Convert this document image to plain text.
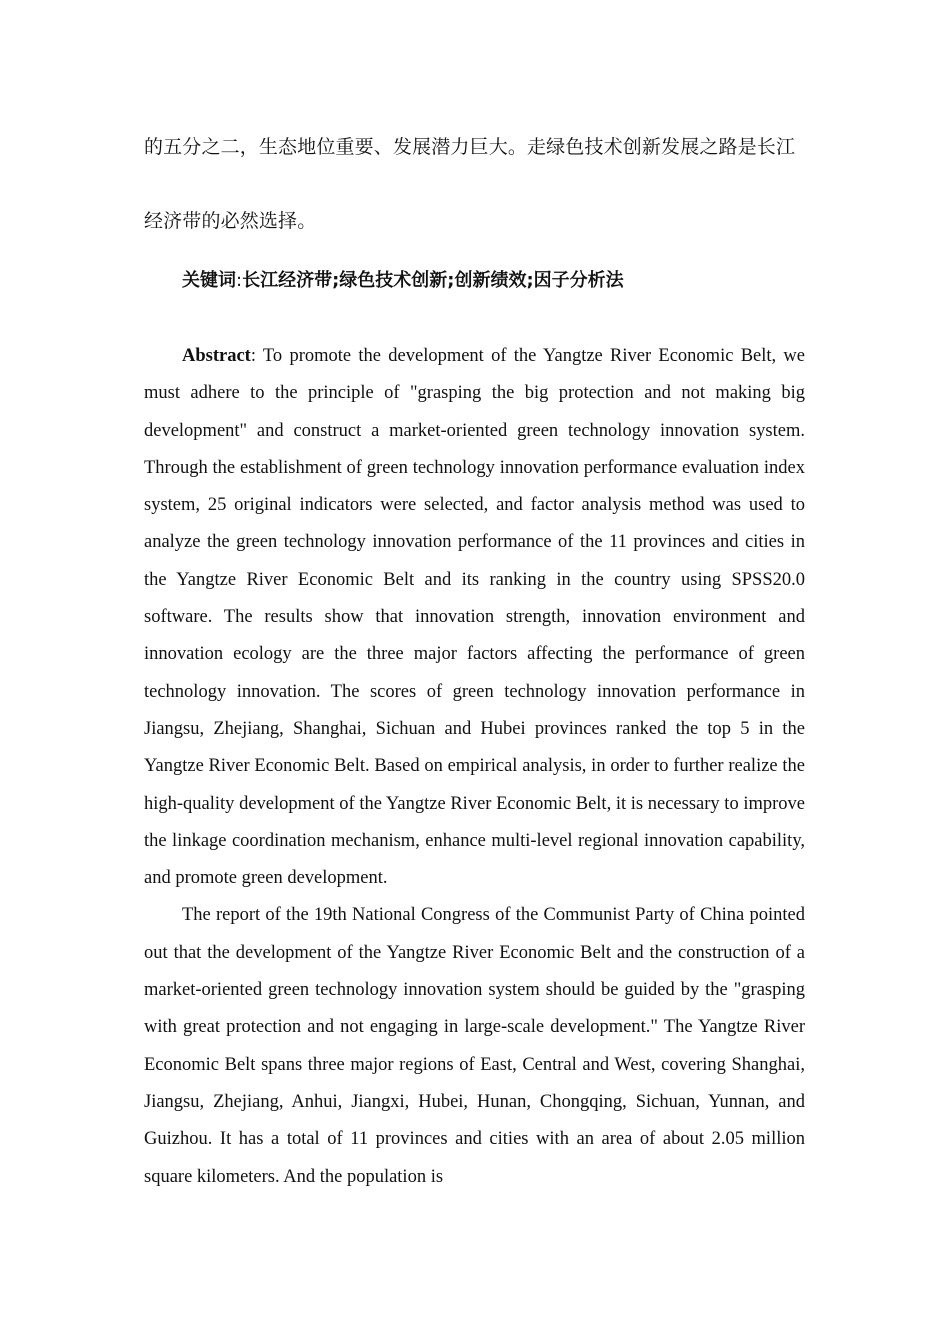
的五分之二，生态地位重要、发展潜力巨大。走绿色技术创新发展之路是长江

经济带的必然选择。

关键词:长江经济带;绿色技术创新;创新绩效;因子分析法

Abstract: To promote the development of the Yangtze River Economic Belt, we must adhere to the principle of "grasping the big protection and not making big development" and construct a market-oriented green technology innovation system. Through the establishment of green technology innovation performance evaluation index system, 25 original indicators were selected, and factor analysis method was used to analyze the green technology innovation performance of the 11 provinces and cities in the Yangtze River Economic Belt and its ranking in the country using SPSS20.0 software. The results show that innovation strength, innovation environment and innovation ecology are the three major factors affecting the performance of green technology innovation. The scores of green technology innovation performance in Jiangsu, Zhejiang, Shanghai, Sichuan and Hubei provinces ranked the top 5 in the Yangtze River Economic Belt. Based on empirical analysis, in order to further realize the high-quality development of the Yangtze River Economic Belt, it is necessary to improve the linkage coordination mechanism, enhance multi-level regional innovation capability, and promote green development.

The report of the 19th National Congress of the Communist Party of China pointed out that the development of the Yangtze River Economic Belt and the construction of a market-oriented green technology innovation system should be guided by the "grasping with great protection and not engaging in large-scale development." The Yangtze River Economic Belt spans three major regions of East, Central and West, covering Shanghai, Jiangsu, Zhejiang, Anhui, Jiangxi, Hubei, Hunan, Chongqing, Sichuan, Yunnan, and Guizhou. It has a total of 11 provinces and cities with an area of about 2.05 million square kilometers. And the population is
